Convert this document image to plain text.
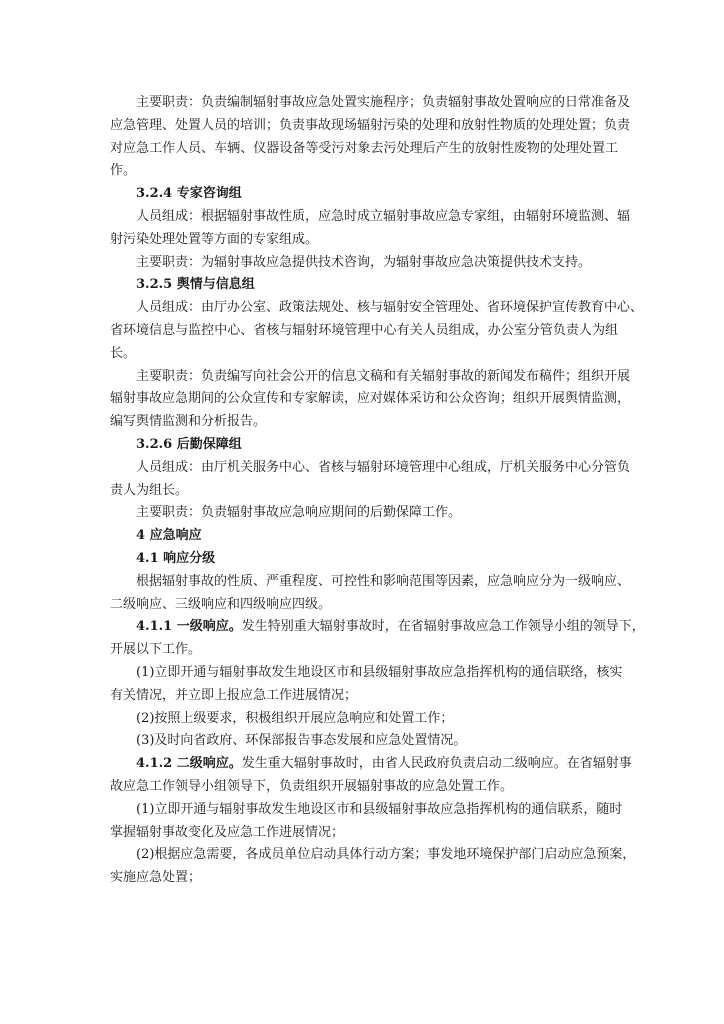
主要职责：负责编制辐射事故应急处置实施程序；负责辐射事故处置响应的日常准备及
应急管理、处置人员的培训；负责事故现场辐射污染的处理和放射性物质的处理处置；负责
对应急工作人员、车辆、仪器设备等受污对象去污处理后产生的放射性废物的处理处置工
作。
3.2.4 专家咨询组
人员组成：根据辐射事故性质，应急时成立辐射事故应急专家组，由辐射环境监测、辐
射污染处理处置等方面的专家组成。
主要职责：为辐射事故应急提供技术咨询，为辐射事故应急决策提供技术支持。
3.2.5 舆情与信息组
人员组成：由厅办公室、政策法规处、核与辐射安全管理处、省环境保护宣传教育中心、
省环境信息与监控中心、省核与辐射环境管理中心有关人员组成，办公室分管负责人为组
长。
主要职责：负责编写向社会公开的信息文稿和有关辐射事故的新闻发布稿件；组织开展
辐射事故应急期间的公众宣传和专家解读，应对媒体采访和公众咨询；组织开展舆情监测，
编写舆情监测和分析报告。
3.2.6 后勤保障组
人员组成：由厅机关服务中心、省核与辐射环境管理中心组成，厅机关服务中心分管负
责人为组长。
主要职责：负责辐射事故应急响应期间的后勤保障工作。
4 应急响应
4.1 响应分级
根据辐射事故的性质、严重程度、可控性和影响范围等因素，应急响应分为一级响应、
二级响应、三级响应和四级响应四级。
4.1.1 一级响应。发生特别重大辐射事故时，在省辐射事故应急工作领导小组的领导下，
开展以下工作。
(1)立即开通与辐射事故发生地设区市和县级辐射事故应急指挥机构的通信联络，核实
有关情况，并立即上报应急工作进展情况；
(2)按照上级要求，积极组织开展应急响应和处置工作；
(3)及时向省政府、环保部报告事态发展和应急处置情况。
4.1.2 二级响应。发生重大辐射事故时，由省人民政府负责启动二级响应。在省辐射事
故应急工作领导小组领导下，负责组织开展辐射事故的应急处置工作。
(1)立即开通与辐射事故发生地设区市和县级辐射事故应急指挥机构的通信联系，随时
掌握辐射事故变化及应急工作进展情况；
(2)根据应急需要，各成员单位启动具体行动方案；事发地环境保护部门启动应急预案，
实施应急处置；
